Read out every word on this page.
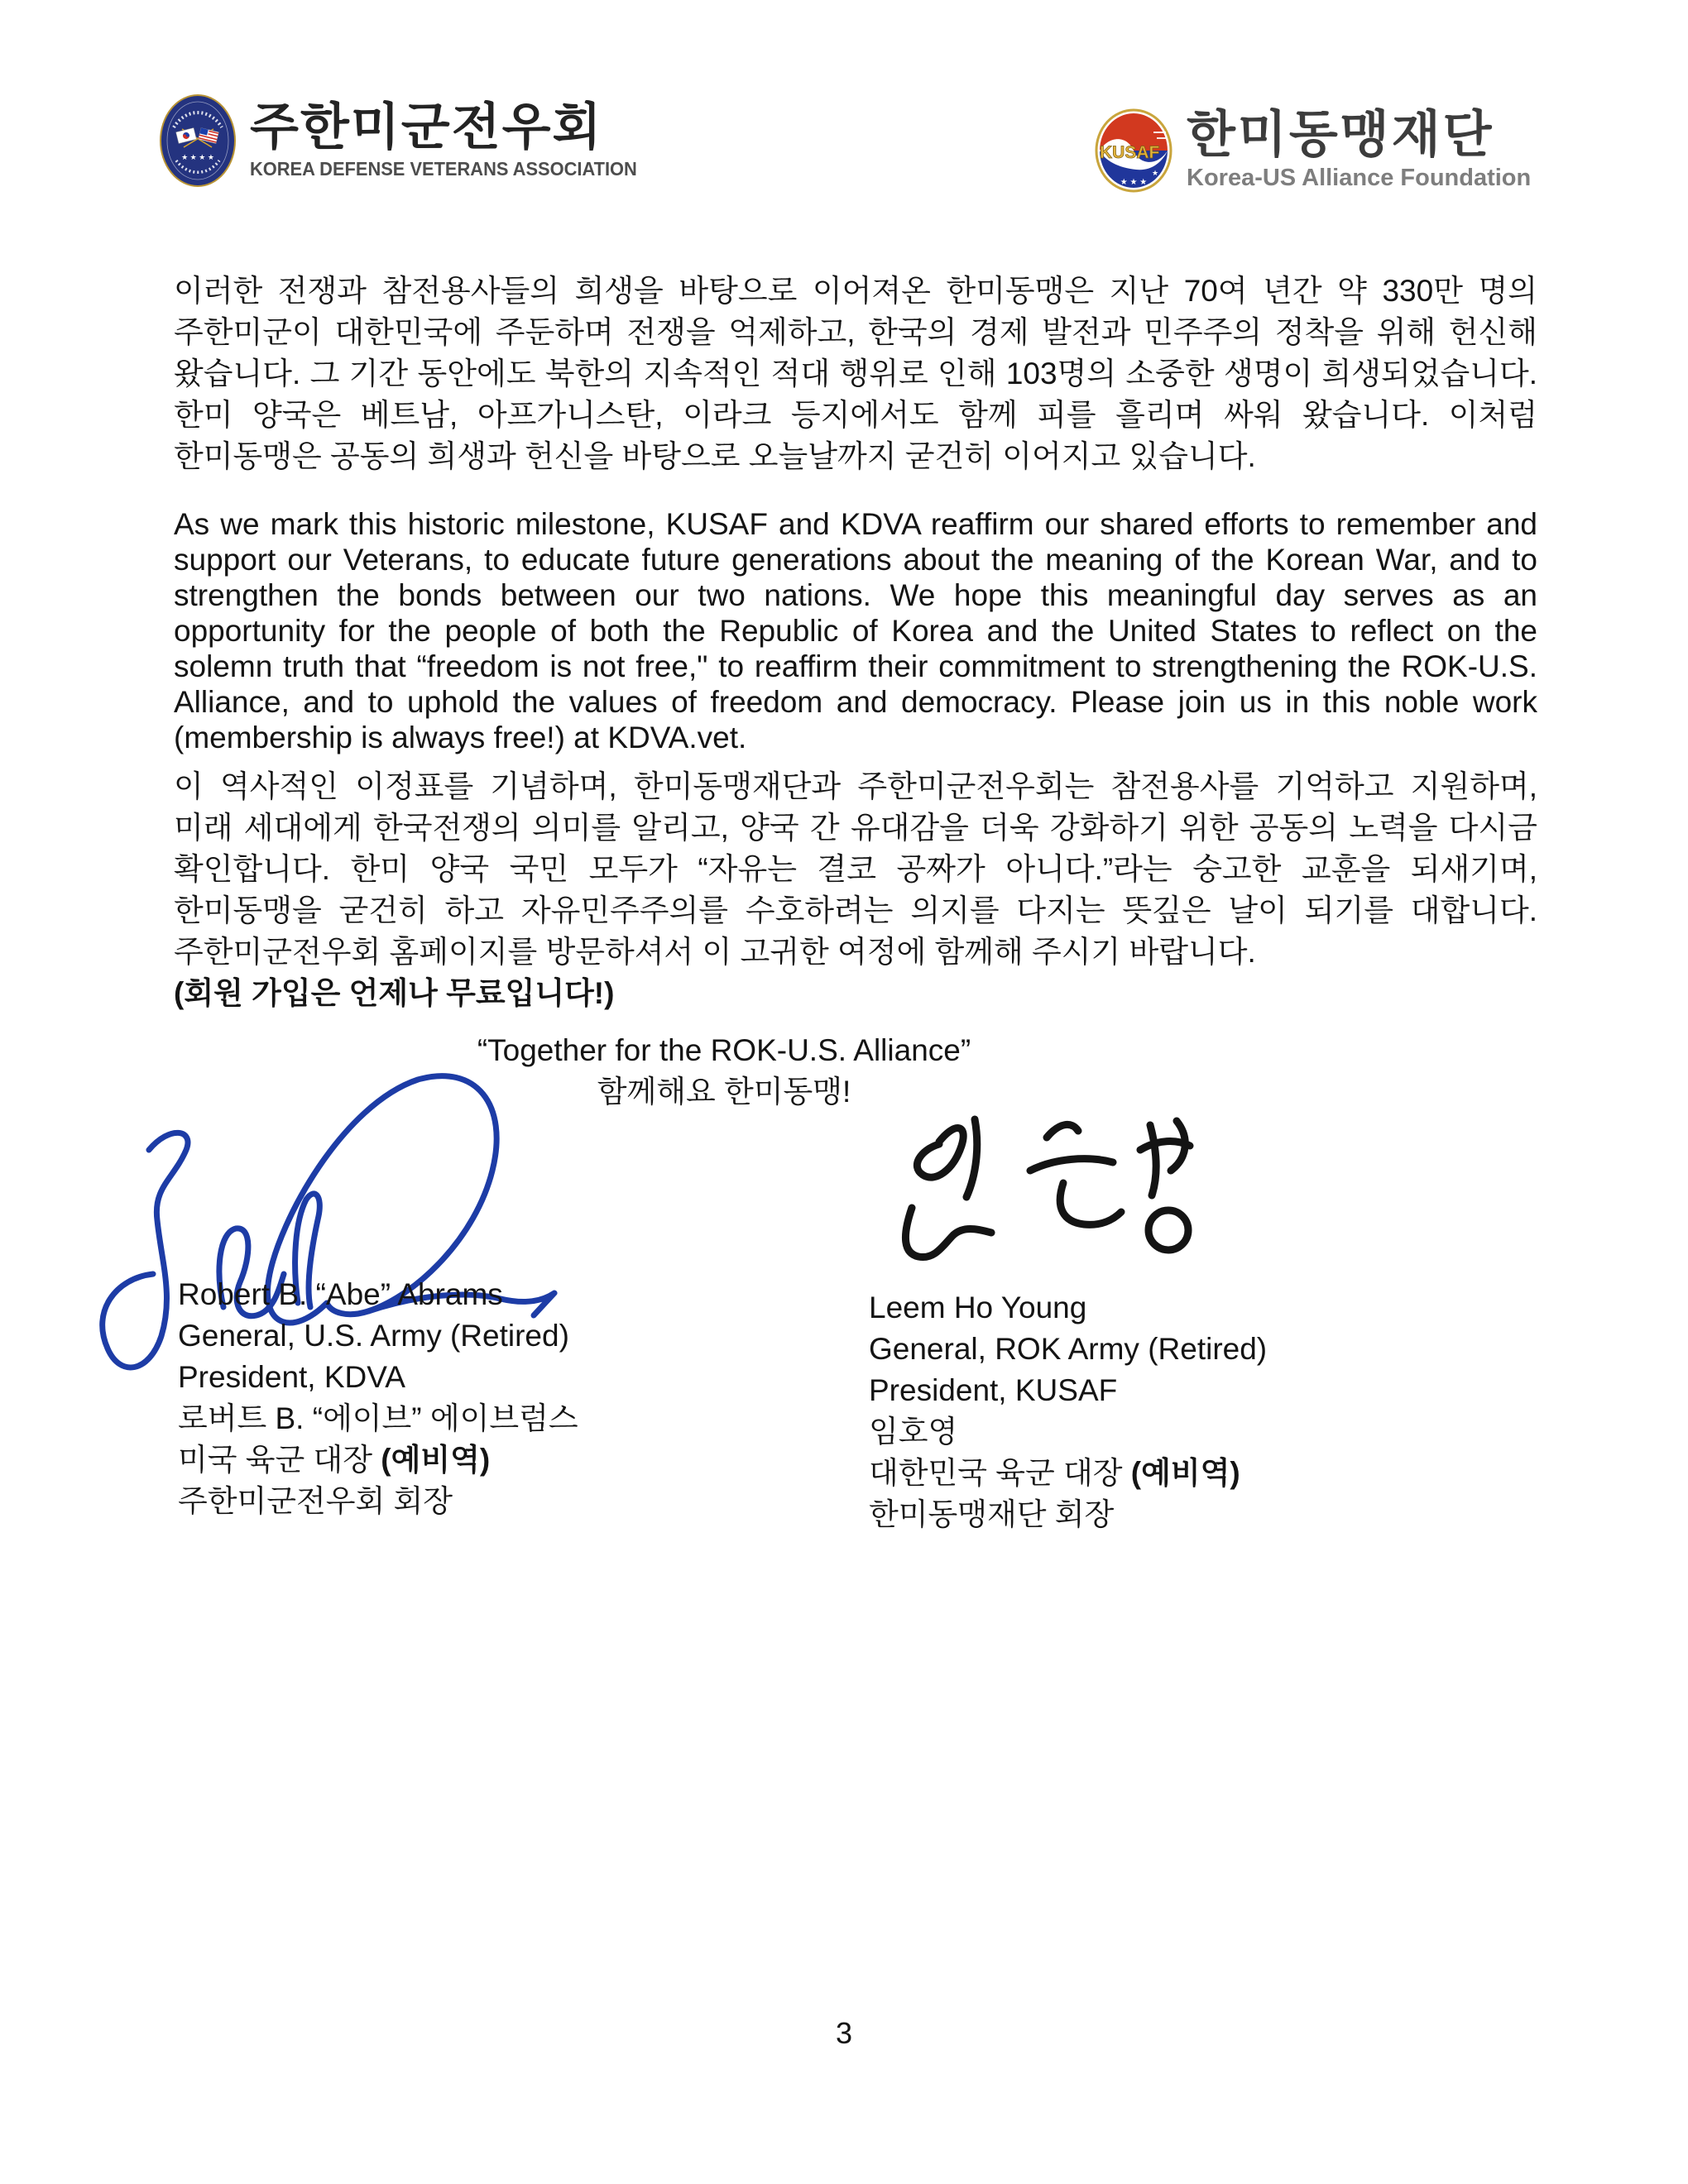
★ ★ ★ ★
주한미군전우회
KOREA DEFENSE VETERANS ASSOCIATION
★ ★ ★
★
KUSAF 한미동맹재단
Korea-US Alliance Foundation
이러한 전쟁과 참전용사들의 희생을 바탕으로 이어져온 한미동맹은 지난 70여 년간 약 330만 명의 주한미군이 대한민국에 주둔하며 전쟁을 억제하고, 한국의 경제 발전과 민주주의 정착을 위해 헌신해 왔습니다. 그 기간 동안에도 북한의 지속적인 적대 행위로 인해 103명의 소중한 생명이 희생되었습니다. 한미 양국은 베트남, 아프가니스탄, 이라크 등지에서도 함께 피를 흘리며 싸워 왔습니다. 이처럼 한미동맹은 공동의 희생과 헌신을 바탕으로 오늘날까지 굳건히 이어지고 있습니다.
As we mark this historic milestone, KUSAF and KDVA reaffirm our shared efforts to remember and support our Veterans, to educate future generations about the meaning of the Korean War, and to strengthen the bonds between our two nations. We hope this meaningful day serves as an opportunity for the people of both the Republic of Korea and the United States to reflect on the solemn truth that “freedom is not free," to reaffirm their commitment to strengthening the ROK-U.S. Alliance, and to uphold the values of freedom and democracy. Please join us in this noble work (membership is always free!) at KDVA.vet.
이 역사적인 이정표를 기념하며, 한미동맹재단과 주한미군전우회는 참전용사를 기억하고 지원하며, 미래 세대에게 한국전쟁의 의미를 알리고, 양국 간 유대감을 더욱 강화하기 위한 공동의 노력을 다시금 확인합니다. 한미 양국 국민 모두가 “자유는 결코 공짜가 아니다.”라는 숭고한 교훈을 되새기며, 한미동맹을 굳건히 하고 자유민주주의를 수호하려는 의지를 다지는 뜻깊은 날이 되기를 대합니다. 주한미군전우회 홈페이지를 방문하셔서 이 고귀한 여정에 함께해 주시기 바랍니다.
(회원 가입은 언제나 무료입니다!)
“Together for the ROK-U.S. Alliance”
함께해요 한미동맹!
Robert B. “Abe” Abrams
General, U.S. Army (Retired)
President, KDVA
로버트 B. “에이브” 에이브럼스
미국 육군 대장 (예비역)
주한미군전우회 회장
Leem Ho Young
General, ROK Army (Retired)
President, KUSAF
임호영
대한민국 육군 대장 (예비역)
한미동맹재단 회장
3
